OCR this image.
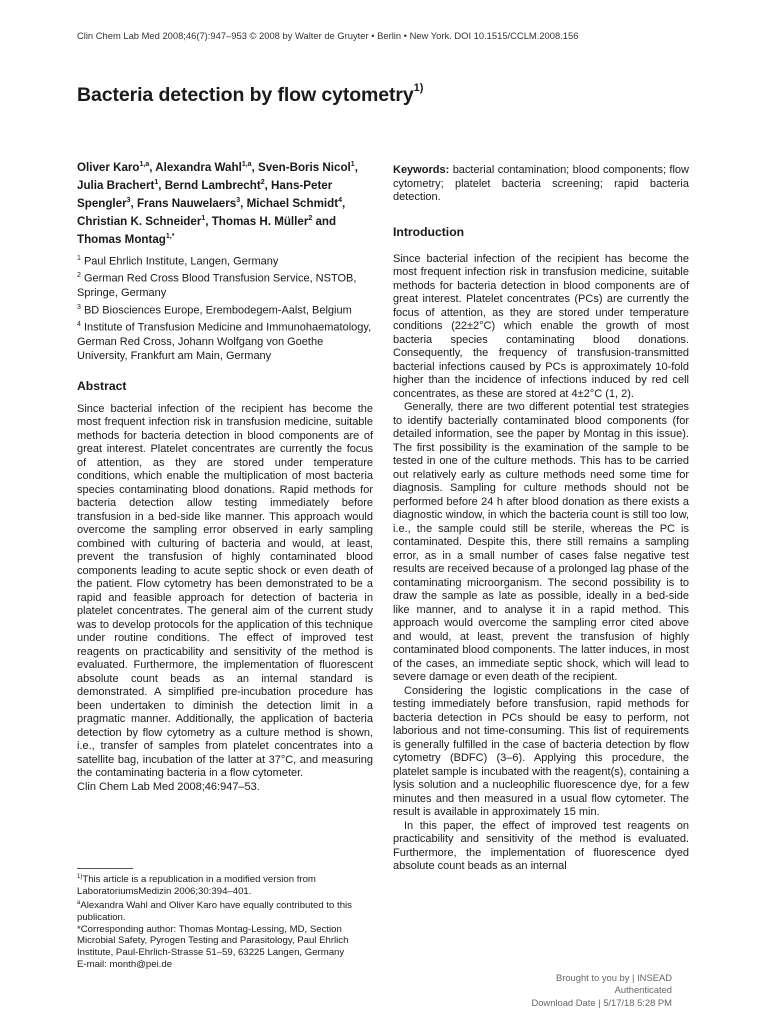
Clin Chem Lab Med 2008;46(7):947–953 © 2008 by Walter de Gruyter • Berlin • New York. DOI 10.1515/CCLM.2008.156
Bacteria detection by flow cytometry$^{1)}$

Oliver Karo$^{1,a}$, Alexandra Wahl$^{1,a}$, Sven-Boris Nicol$^1$, Julia Brachert$^1$, Bernd Lambrecht$^2$, Hans-Peter Spengler$^3$, Frans Nauwelaers$^3$, Michael Schmidt$^4$, Christian K. Schneider$^1$, Thomas H. Müller$^2$ and Thomas Montag$^{1,*}$

$^1$ Paul Ehrlich Institute, Langen, Germany

$^2$ German Red Cross Blood Transfusion Service, NSTOB, Springe, Germany

$^3$ BD Biosciences Europe, Erembodegem-Aalst, Belgium

$^4$ Institute of Transfusion Medicine and Immunohaematology, German Red Cross, Johann Wolfgang von Goethe University, Frankfurt am Main, Germany

Abstract

Since bacterial infection of the recipient has become the most frequent infection risk in transfusion medicine, suitable methods for bacteria detection in blood components are of great interest. Platelet concentrates are currently the focus of attention, as they are stored under temperature conditions, which enable the multiplication of most bacteria species contaminating blood donations. Rapid methods for bacteria detection allow testing immediately before transfusion in a bed-side like manner. This approach would overcome the sampling error observed in early sampling combined with culturing of bacteria and would, at least, prevent the transfusion of highly contaminated blood components leading to acute septic shock or even death of the patient. Flow cytometry has been demonstrated to be a rapid and feasible approach for detection of bacteria in platelet concentrates. The general aim of the current study was to develop protocols for the application of this technique under routine conditions. The effect of improved test reagents on practicability and sensitivity of the method is evaluated. Furthermore, the implementation of fluorescent absolute count beads as an internal standard is demonstrated. A simplified pre-incubation procedure has been undertaken to diminish the detection limit in a pragmatic manner. Additionally, the application of bacteria detection by flow cytometry as a culture method is shown, i.e., transfer of samples from platelet concentrates into a satellite bag, incubation of the latter at 37°C, and measuring the contaminating bacteria in a flow cytometer.

Clin Chem Lab Med 2008;46:947–53.

$^{1)}$This article is a republication in a modified version from LaboratoriumsMedizin 2006;30:394–401.

$^a$Alexandra Wahl and Oliver Karo have equally contributed to this publication.

*Corresponding author: Thomas Montag-Lessing, MD, Section Microbial Safety, Pyrogen Testing and Parasitology, Paul Ehrlich Institute, Paul-Ehrlich-Strasse 51–59, 63225 Langen, Germany

E-mail: month@pei.de

Keywords: bacterial contamination; blood components; flow cytometry; platelet bacteria screening; rapid bacteria detection.

Introduction

Since bacterial infection of the recipient has become the most frequent infection risk in transfusion medicine, suitable methods for bacteria detection in blood components are of great interest. Platelet concentrates (PCs) are currently the focus of attention, as they are stored under temperature conditions (22±2°C) which enable the growth of most bacteria species contaminating blood donations. Consequently, the frequency of transfusion-transmitted bacterial infections caused by PCs is approximately 10-fold higher than the incidence of infections induced by red cell concentrates, as these are stored at 4±2°C (1, 2).

Generally, there are two different potential test strategies to identify bacterially contaminated blood components (for detailed information, see the paper by Montag in this issue). The first possibility is the examination of the sample to be tested in one of the culture methods. This has to be carried out relatively early as culture methods need some time for diagnosis. Sampling for culture methods should not be performed before 24 h after blood donation as there exists a diagnostic window, in which the bacteria count is still too low, i.e., the sample could still be sterile, whereas the PC is contaminated. Despite this, there still remains a sampling error, as in a small number of cases false negative test results are received because of a prolonged lag phase of the contaminating microorganism. The second possibility is to draw the sample as late as possible, ideally in a bed-side like manner, and to analyse it in a rapid method. This approach would overcome the sampling error cited above and would, at least, prevent the transfusion of highly contaminated blood components. The latter induces, in most of the cases, an immediate septic shock, which will lead to severe damage or even death of the recipient.

Considering the logistic complications in the case of testing immediately before transfusion, rapid methods for bacteria detection in PCs should be easy to perform, not laborious and not time-consuming. This list of requirements is generally fulfilled in the case of bacteria detection by flow cytometry (BDFC) (3–6). Applying this procedure, the platelet sample is incubated with the reagent(s), containing a lysis solution and a nucleophilic fluorescence dye, for a few minutes and then measured in a usual flow cytometer. The result is available in approximately 15 min.

In this paper, the effect of improved test reagents on practicability and sensitivity of the method is evaluated. Furthermore, the implementation of fluorescence dyed absolute count beads as an internal

Brought to you by | INSEAD

Authenticated

Download Date | 5/17/18 5:28 PM
